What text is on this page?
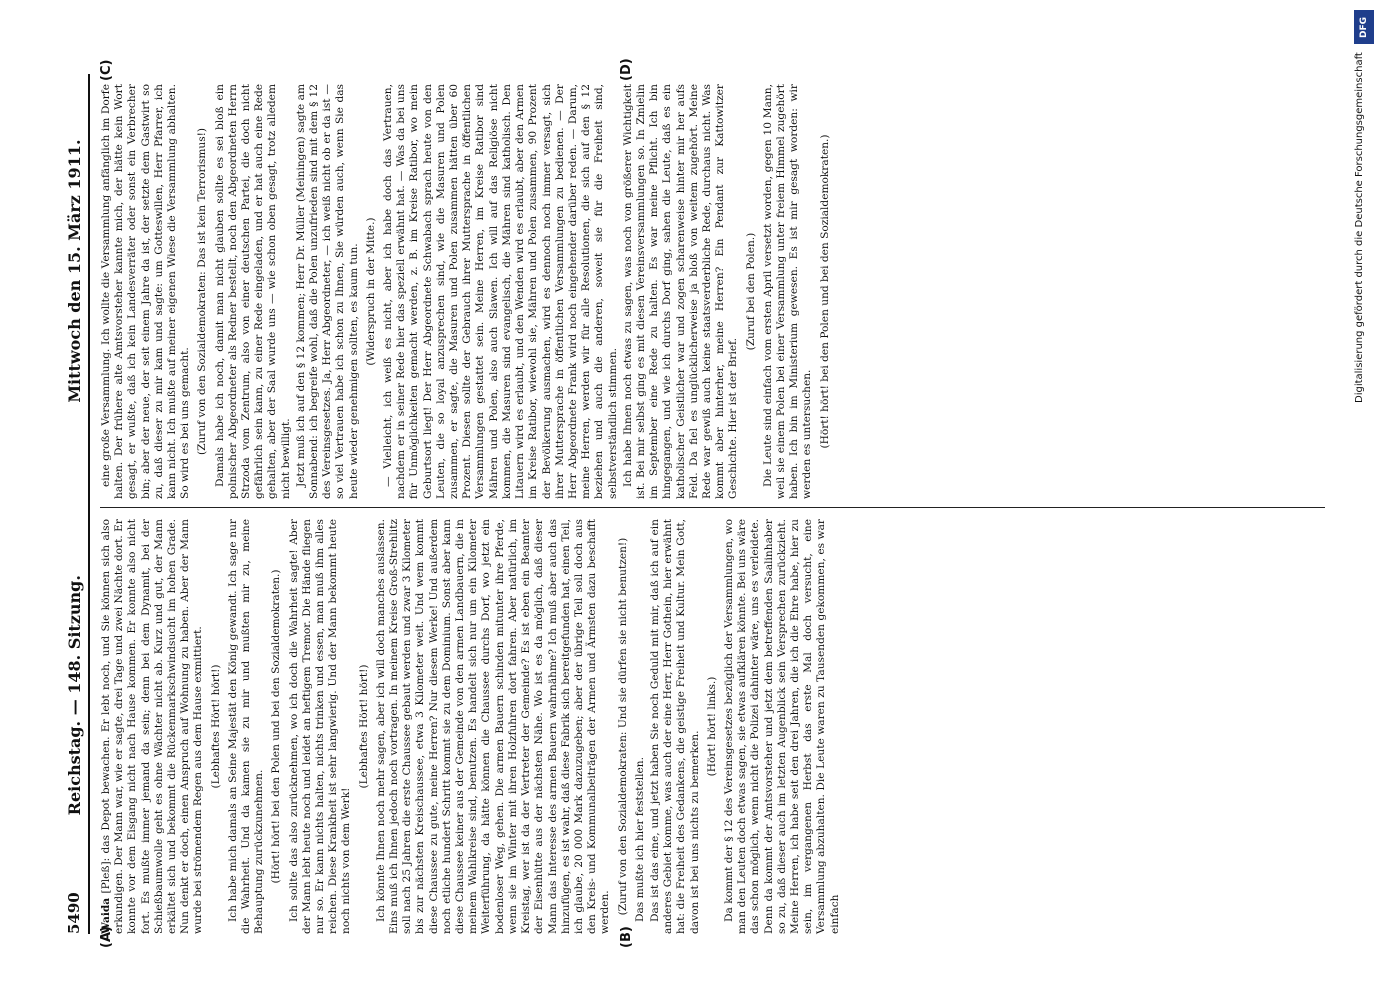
5490
Reichstag. — 148. Sitzung.
Mittwoch den 15. März 1911.
(A)	(B)

Waida [Pleß]: das Depot bewachen. Er lebt noch, und Sie können sich also erkundigen. Der Mann war, wie er sagte, drei Tage und zwei Nächte dort. Er konnte vor dem Eisgang nicht nach Hause kommen. Er konnte also nicht fort. Es mußte immer jemand da sein; denn bei dem Dynamit, bei der Schießbaumwolle geht es ohne Wächter nicht ab. Kurz und gut, der Mann erkältet sich und bekommt die Rückenmarkschwindsucht im hohen Grade. Nun denkt er doch, einen Anspruch auf Wohnung zu haben. Aber der Mann wurde bei strömendem Regen aus dem Hause exmittiert. (Lebhaftes Hört! hört!) Ich habe mich damals an Seine Majestät den König gewandt. Ich sage nur die Wahrheit. Und da kamen sie zu mir und mußten mir zu, meine Behauptung zurückzunehmen. (Hört! hört! bei den Polen und bei den Sozialdemokraten.) Ich sollte das also zurücknehmen, wo ich doch die Wahrheit sagte! Aber der Mann lebt heute noch und leidet an heftigem Tremor. Die Hände fliegen nur so. Er kann nichts halten, nichts trinken und essen, man muß ihm alles reichen. Diese Krankheit ist sehr langwierig. Und der Mann bekommt heute noch nichts von dem Werk!

(Lebhaftes Hört! hört!) Ich könnte Ihnen noch mehr sagen, aber ich will doch manches auslassen. Eins muß ich Ihnen jedoch noch vortragen. In meinem Kreise Groß-Strehlitz soll nach 25 Jahren die erste Chaussee gebaut werden und zwar 3 Kilometer bis zur nächsten Kreischaussee, etwa 3 Kilometer weit. Und wem kommt diese Chaussee zu gute, meine Herren? Nur diesem Werke! Und außerdem noch etliche hundert Schritt kommt sie zu dem Dominium. Sonst aber kann diese Chaussee keiner aus der Gemeinde von den armen Landbauern, die in meinem Wahlkreise sind, benutzen. Es handelt sich nur um ein Kilometer Weiterführung, da hätte können die Chaussee durchs Dorf, wo jetzt ein bodenloser Weg, gehen. Die armen Bauern schinden mitunter ihre Pferde, wenn sie im Winter mit ihren Holzfuhren dort fahren. Aber natürlich, im Kreistag, wer ist da der Vertreter der Gemeinde? Es ist eben ein Beamter der Eisenhütte aus der nächsten Nähe. Wo ist es da möglich, daß dieser Mann das Interesse des armen Bauern wahrnähme? Ich muß aber auch das hinzufügen, es ist wahr, daß diese Fabrik sich bereitgefunden hat, einen Teil, ich glaube, 20 000 Mark dazuzugeben; aber der übrige Teil soll doch aus den Kreis- und Kommunalbeiträgen der Armen und Ärmsten dazu beschafft werden. (Zuruf von den Sozialdemokraten: Und sie dürfen sie nicht benutzen!) Das mußte ich hier feststellen. Das ist das eine, und jetzt haben Sie noch Geduld mit mir, daß ich auf ein anderes Gebiet komme, was auch der eine Herr, Herr Gothein, hier erwähnt hat: die Freiheit des Gedankens, die geistige Freiheit und Kultur. Mein Gott, davon ist bei uns nichts zu bemerken.

(Hört! hört! links.) Da kommt der § 12 des Vereinsgesetzes bezüglich der Versammlungen, wo man den Leuten doch etwas sagen, sie etwas aufklären könnte. Bei uns wäre das schon möglich, wenn nicht die Polizei dahinter wäre, uns es verleidete. Denn da kommt der Amtsvorsteher und jetzt dem betreffenden Saalinhaber so zu, daß dieser auch im letzten Augenblick sein Versprechen zurückzieht. Meine Herren, ich habe seit den drei Jahren, die ich die Ehre habe, hier zu sein, im vergangenen Herbst das erste Mal doch versucht, eine Versammlung abzuhalten. Die Leute waren zu Tausenden gekommen, es war einfach

(C)	(D)

eine große Versammlung. Ich wollte die Versammlung anfänglich im Dorfe halten. Der frühere alte Amtsvorsteher kannte mich, der hätte kein Wort gesagt, er wußte, daß ich kein Landesverräter oder sonst ein Verbrecher bin; aber der neue, der seit einem Jahre da ist, der setzte dem Gastwirt so zu, daß dieser zu mir kam und sagte: um Gotteswillen, Herr Pfarrer, ich kann nicht. Ich mußte auf meiner eigenen Wiese die Versammlung abhalten. So wird es bei uns gemacht. (Zuruf von den Sozialdemokraten: Das ist kein Terrorismus!) Damals habe ich noch, damit man nicht glauben sollte es sei bloß ein polnischer Abgeordneter als Redner bestellt, noch den Abgeordneten Herrn Strzoda vom Zentrum, also von einer deutschen Partei, die doch nicht gefährlich sein kann, zu einer Rede eingeladen, und er hat auch eine Rede gehalten, aber der Saal wurde uns — wie schon oben gesagt, trotz alledem nicht bewilligt. Jetzt muß ich auf den § 12 kommen; Herr Dr. Müller (Meiningen) sagte am Sonnabend: ich begreife wohl, daß die Polen unzufrieden sind mit dem § 12 des Vereinsgesetzes. Ja, Herr Abgeordneter, — ich weiß nicht ob er da ist — so viel Vertrauen habe ich schon zu Ihnen, Sie würden auch, wenn Sie das heute wieder genehmigen sollten, es kaum tun. (Widerspruch in der Mitte.) — Vielleicht, ich weiß es nicht, aber ich habe doch das Vertrauen, nachdem er in seiner Rede hier das speziell erwähnt hat. — Was da bei uns für Unmöglichkeiten gemacht werden, z. B. im Kreise Ratibor, wo mein Geburtsort liegt! Der Herr Abgeordnete Schwabach sprach heute von den Leuten, die so loyal anzusprechen sind, wie die Masuren und Polen zusammen, er sagte, die Masuren und Polen zusammen hätten über 60 Prozent. Diesen sollte der Gebrauch ihrer Muttersprache in öffentlichen Versammlungen gestattet sein. Meine Herren, im Kreise Ratibor sind Mähren und Polen, also auch Slawen. Ich will auf das Religiöse nicht kommen, die Masuren sind evangelisch, die Mähren sind katholisch. Den Litauern wird es erlaubt, und den Wenden wird es erlaubt, aber den Armen im Kreise Ratibor, wiewohl sie, Mähren und Polen zusammen, 90 Prozent der Bevölkerung ausmachen, wird es dennoch noch immer versagt, sich ihrer Muttersprache in öffentlichen Versammlungen zu bedienen. — Der Herr Abgeordnete Frank wird noch eingehender darüber reden. — Darum, meine Herren, werden wir für alle Resolutionen, die sich auf den § 12 beziehen und auch die anderen, soweit sie für die Freiheit sind, selbstverständlich stimmen. Ich habe Ihnen noch etwas zu sagen, was noch von größerer Wichtigkeit ist. Bei mir selbst ging es mit diesen Vereinsversammlungen so. In Zmielin im September eine Rede zu halten. Es war meine Pflicht. Ich bin hingegangen, und wie ich durchs Dorf ging, sahen die Leute, daß es ein katholischer Geistlicher war und zogen scharenweise hinter mir her aufs Feld. Da fiel es unglücklicherweise ja bloß von weitem zugehört. Meine Rede war gewiß auch keine staatsverderbliche Rede, durchaus nicht. Was kommt aber hinterher, meine Herren? Ein Pendant zur Kattowitzer Geschichte. Hier ist der Brief.

(Zuruf bei den Polen.) Die Leute sind einfach vom ersten April versetzt worden, gegen 10 Mann, weil sie einem Polen bei einer Versammlung unter freiem Himmel zugehört haben. Ich bin im Ministerium gewesen. Es ist mir gesagt worden: wir werden es untersuchen. (Hört! hört! bei den Polen und bei den Sozialdemokraten.)

DFG
Digitalisierung gefördert durch die Deutsche Forschungsgemeinschaft
